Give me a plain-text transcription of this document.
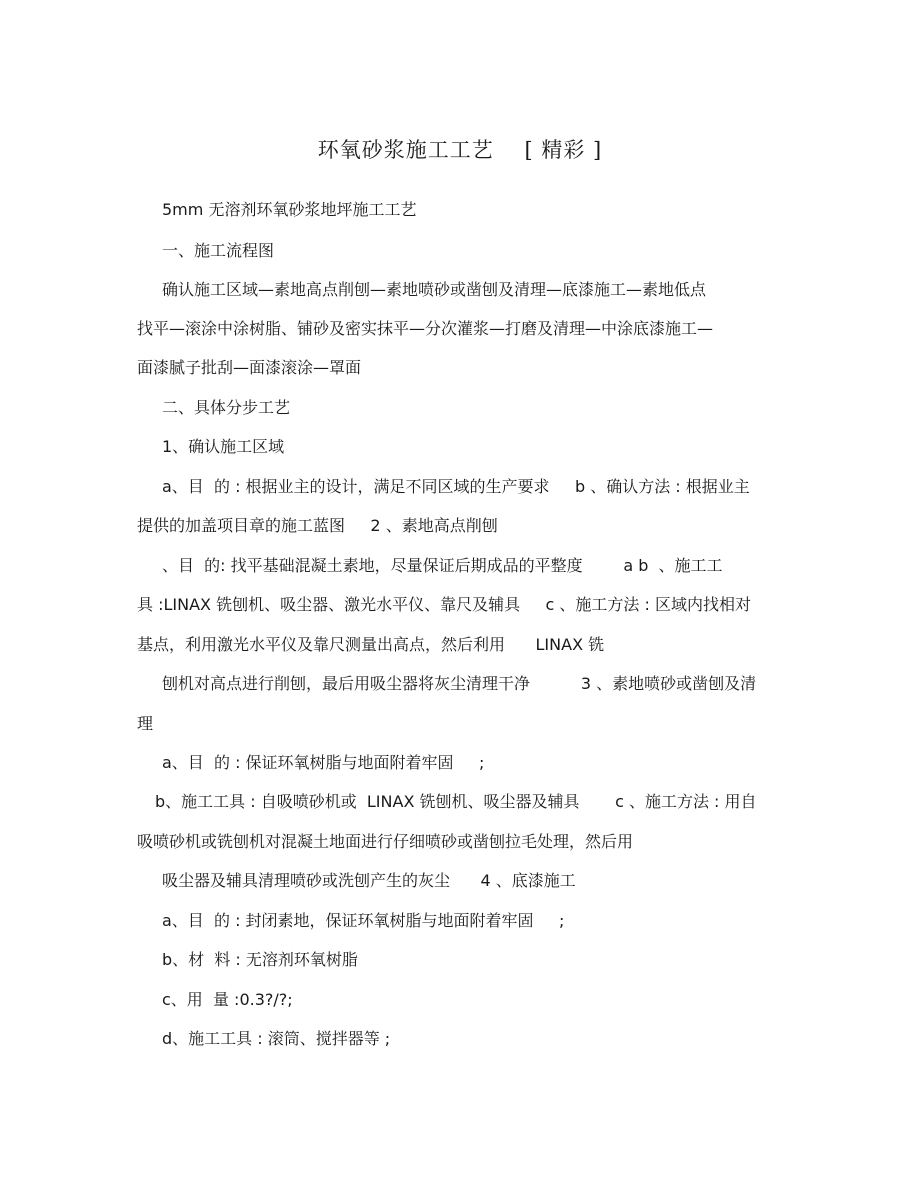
环氧砂浆施工工艺    [ 精彩 ]
5mm 无溶剂环氧砂浆地坪施工工艺
一、施工流程图
确认施工区域—素地高点削刨—素地喷砂或凿刨及清理—底漆施工—素地低点
找平—滚涂中涂树脂、铺砂及密实抹平—分次灌浆—打磨及清理—中涂底漆施工—
面漆腻子批刮—面漆滚涂—罩面
二、具体分步工艺
1、确认施工区域
a、目  的 : 根据业主的设计，满足不同区域的生产要求     b 、确认方法 : 根据业主
提供的加盖项目章的施工蓝图     2 、素地高点削刨
、目  的: 找平基础混凝土素地，尽量保证后期成品的平整度        a b  、施工工
具 :LINAX 铣刨机、吸尘器、激光水平仪、靠尺及辅具     c 、施工方法 : 区域内找相对
基点，利用激光水平仪及靠尺测量出高点，然后利用      LINAX 铣
刨机对高点进行削刨，最后用吸尘器将灰尘清理干净          3 、素地喷砂或凿刨及清
理
a、目  的 : 保证环氧树脂与地面附着牢固     ;
b、施工工具 : 自吸喷砂机或  LINAX 铣刨机、吸尘器及辅具       c 、施工方法 : 用自
吸喷砂机或铣刨机对混凝土地面进行仔细喷砂或凿刨拉毛处理，然后用
吸尘器及辅具清理喷砂或洗刨产生的灰尘      4 、底漆施工
a、目  的 : 封闭素地，保证环氧树脂与地面附着牢固     ;
b、材  料 : 无溶剂环氧树脂
c、用  量 :0.3?/?;
d、施工工具 : 滚筒、搅拌器等 ;
